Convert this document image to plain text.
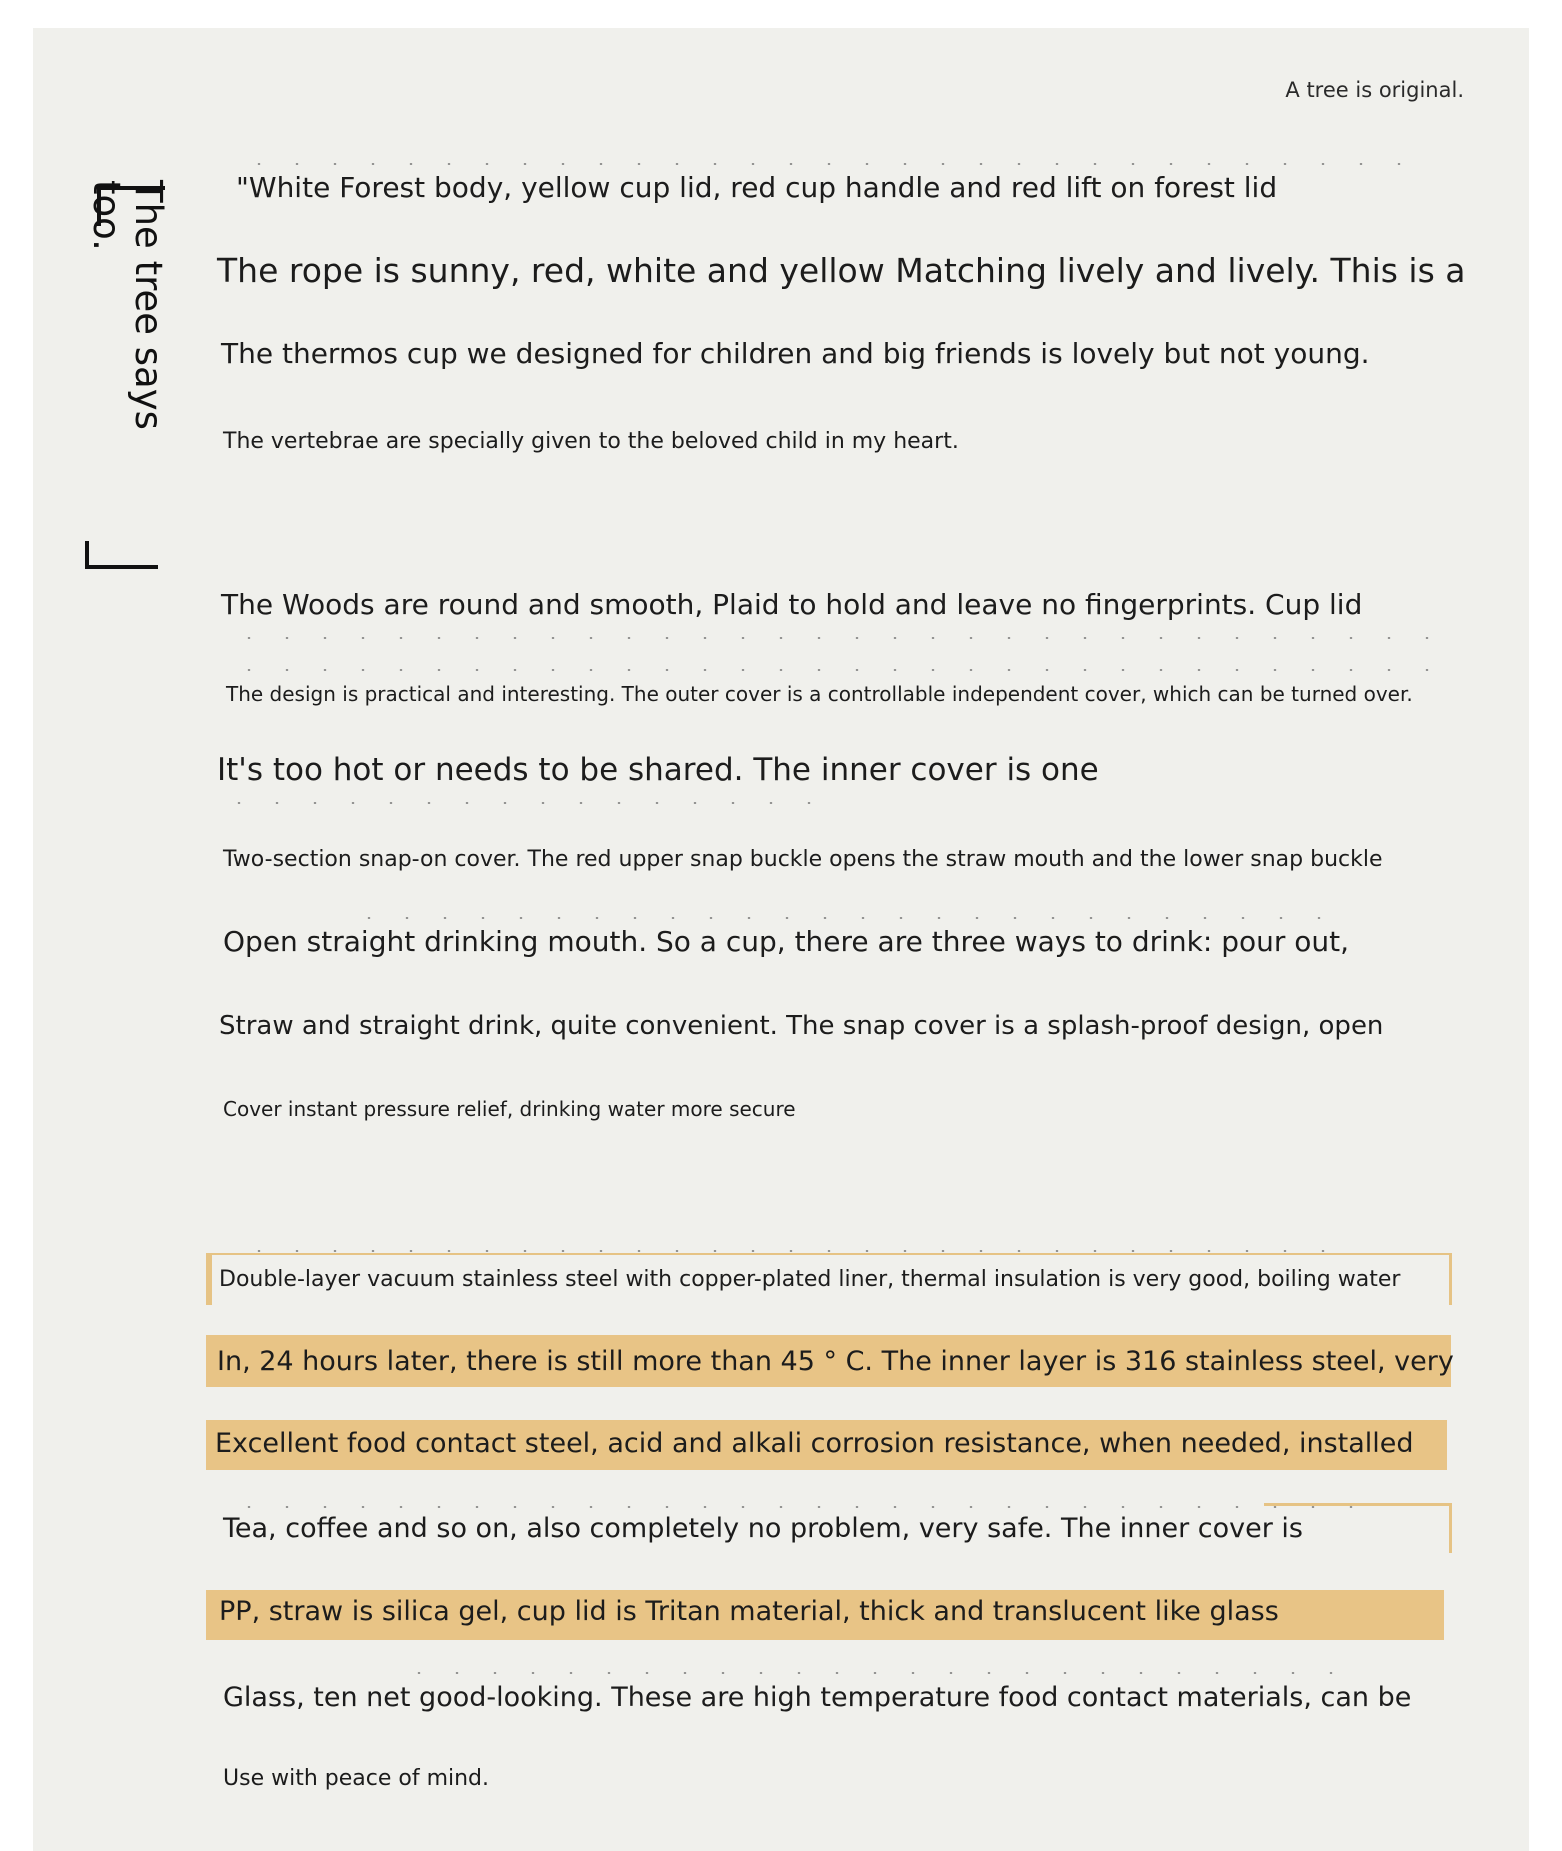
A tree is original.
The tree says too.	"White Forest body, yellow cup lid, red cup handle and red lift on forest lid
The rope is sunny, red, white and yellow Matching lively and lively. This is a
The thermos cup we designed for children and big friends is lovely but not young.
The vertebrae are specially given to the beloved child in my heart.
The Woods are round and smooth, Plaid to hold and leave no fingerprints. Cup lid
The design is practical and interesting. The outer cover is a controllable independent cover, which can be turned over.
It's too hot or needs to be shared. The inner cover is one
Two-section snap-on cover. The red upper snap buckle opens the straw mouth and the lower snap buckle
Open straight drinking mouth. So a cup, there are three ways to drink: pour out,
Straw and straight drink, quite convenient. The snap cover is a splash-proof design, open
Cover instant pressure relief, drinking water more secure
Double-layer vacuum stainless steel with copper-plated liner, thermal insulation is very good, boiling water
In, 24 hours later, there is still more than 45 ° C. The inner layer is 316 stainless steel, very
Excellent food contact steel, acid and alkali corrosion resistance, when needed, installed
Tea, coffee and so on, also completely no problem, very safe. The inner cover is
PP, straw is silica gel, cup lid is Tritan material, thick and translucent like glass
Glass, ten net good-looking. These are high temperature food contact materials, can be
Use with peace of mind.
